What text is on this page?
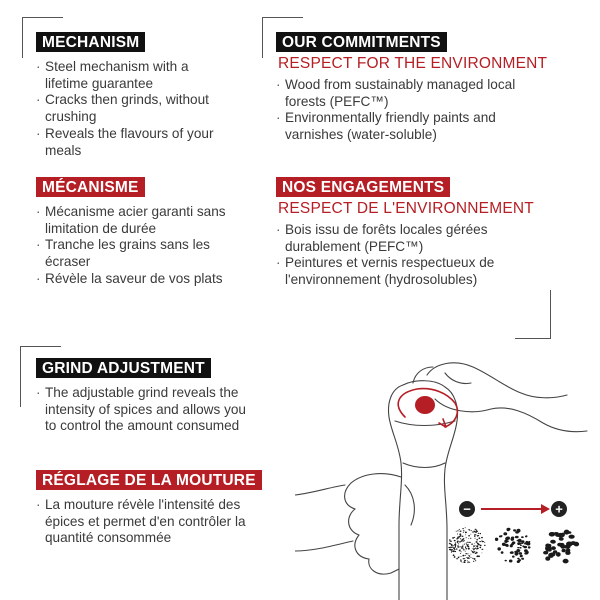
MECHANISM
· Steel mechanism with a lifetime guarantee
· Cracks then grinds, without crushing
· Reveals the flavours of your meals
MÉCANISME
· Mécanisme acier garanti sans limitation de durée
· Tranche les grains sans les écraser
· Révèle la saveur de vos plats
OUR COMMITMENTS
RESPECT FOR THE ENVIRONMENT
· Wood from sustainably managed local forests (PEFC™)
· Environmentally friendly paints and varnishes (water-soluble)
NOS ENGAGEMENTS
RESPECT DE L'ENVIRONNEMENT
· Bois issu de forêts locales gérées durablement (PEFC™)
· Peintures et vernis respectueux de l'environnement (hydrosolubles)
GRIND ADJUSTMENT
· The adjustable grind reveals the intensity of spices and allows you to control the amount consumed
RÉGLAGE DE LA MOUTURE
· La mouture révèle l'intensité des épices et permet d'en contrôler la quantité consommée
−	+
